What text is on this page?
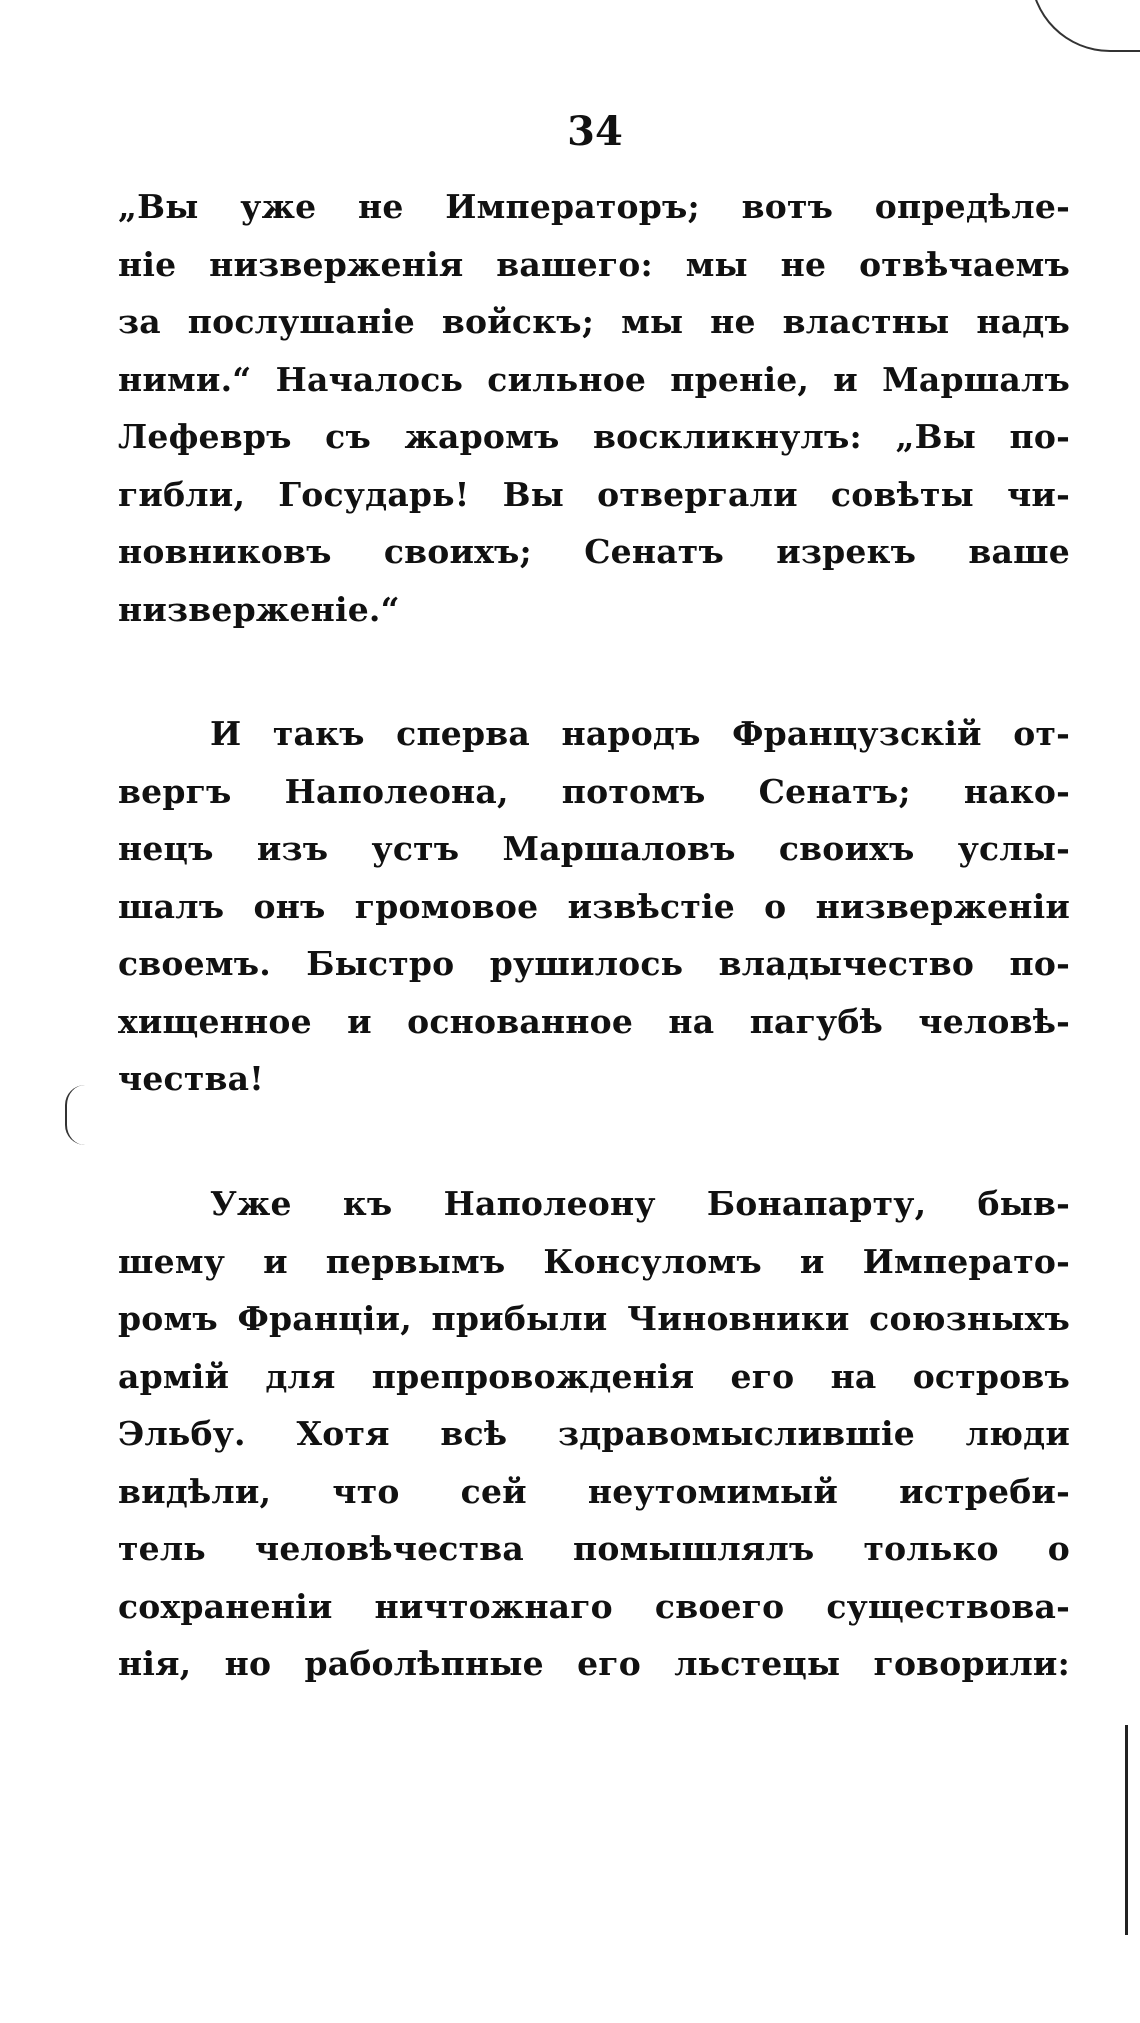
34
„Вы уже не Императоръ; вотъ опредѣле-
ніе низверженія вашего: мы не отвѣчаемъ
за послушаніе войскъ; мы не властны надъ
ними.“ Началось сильное преніе, и Маршалъ
Лефевръ съ жаромъ воскликнулъ: „Вы по-
гибли, Государь! Вы отвергали совѣты чи-
новниковъ своихъ; Сенатъ изрекъ ваше
низверженіе.“
И такъ сперва народъ Французскій от-
вергъ Наполеона, потомъ Сенатъ; нако-
нецъ изъ устъ Маршаловъ своихъ услы-
шалъ онъ громовое извѣстіе о низверженіи
своемъ. Быстро рушилось владычество по-
хищенное и основанное на пагубѣ человѣ-
чества!
Уже къ Наполеону Бонапарту, быв-
шему и первымъ Консуломъ и Императо-
ромъ Франціи, прибыли Чиновники союзныхъ
армій для препровожденія его на островъ
Эльбу. Хотя всѣ здравомыслившіе люди
видѣли, что сей неутомимый истреби-
тель человѣчества помышлялъ только о
сохраненіи ничтожнаго своего существова-
нія, но раболѣпные его льстецы говорили:
